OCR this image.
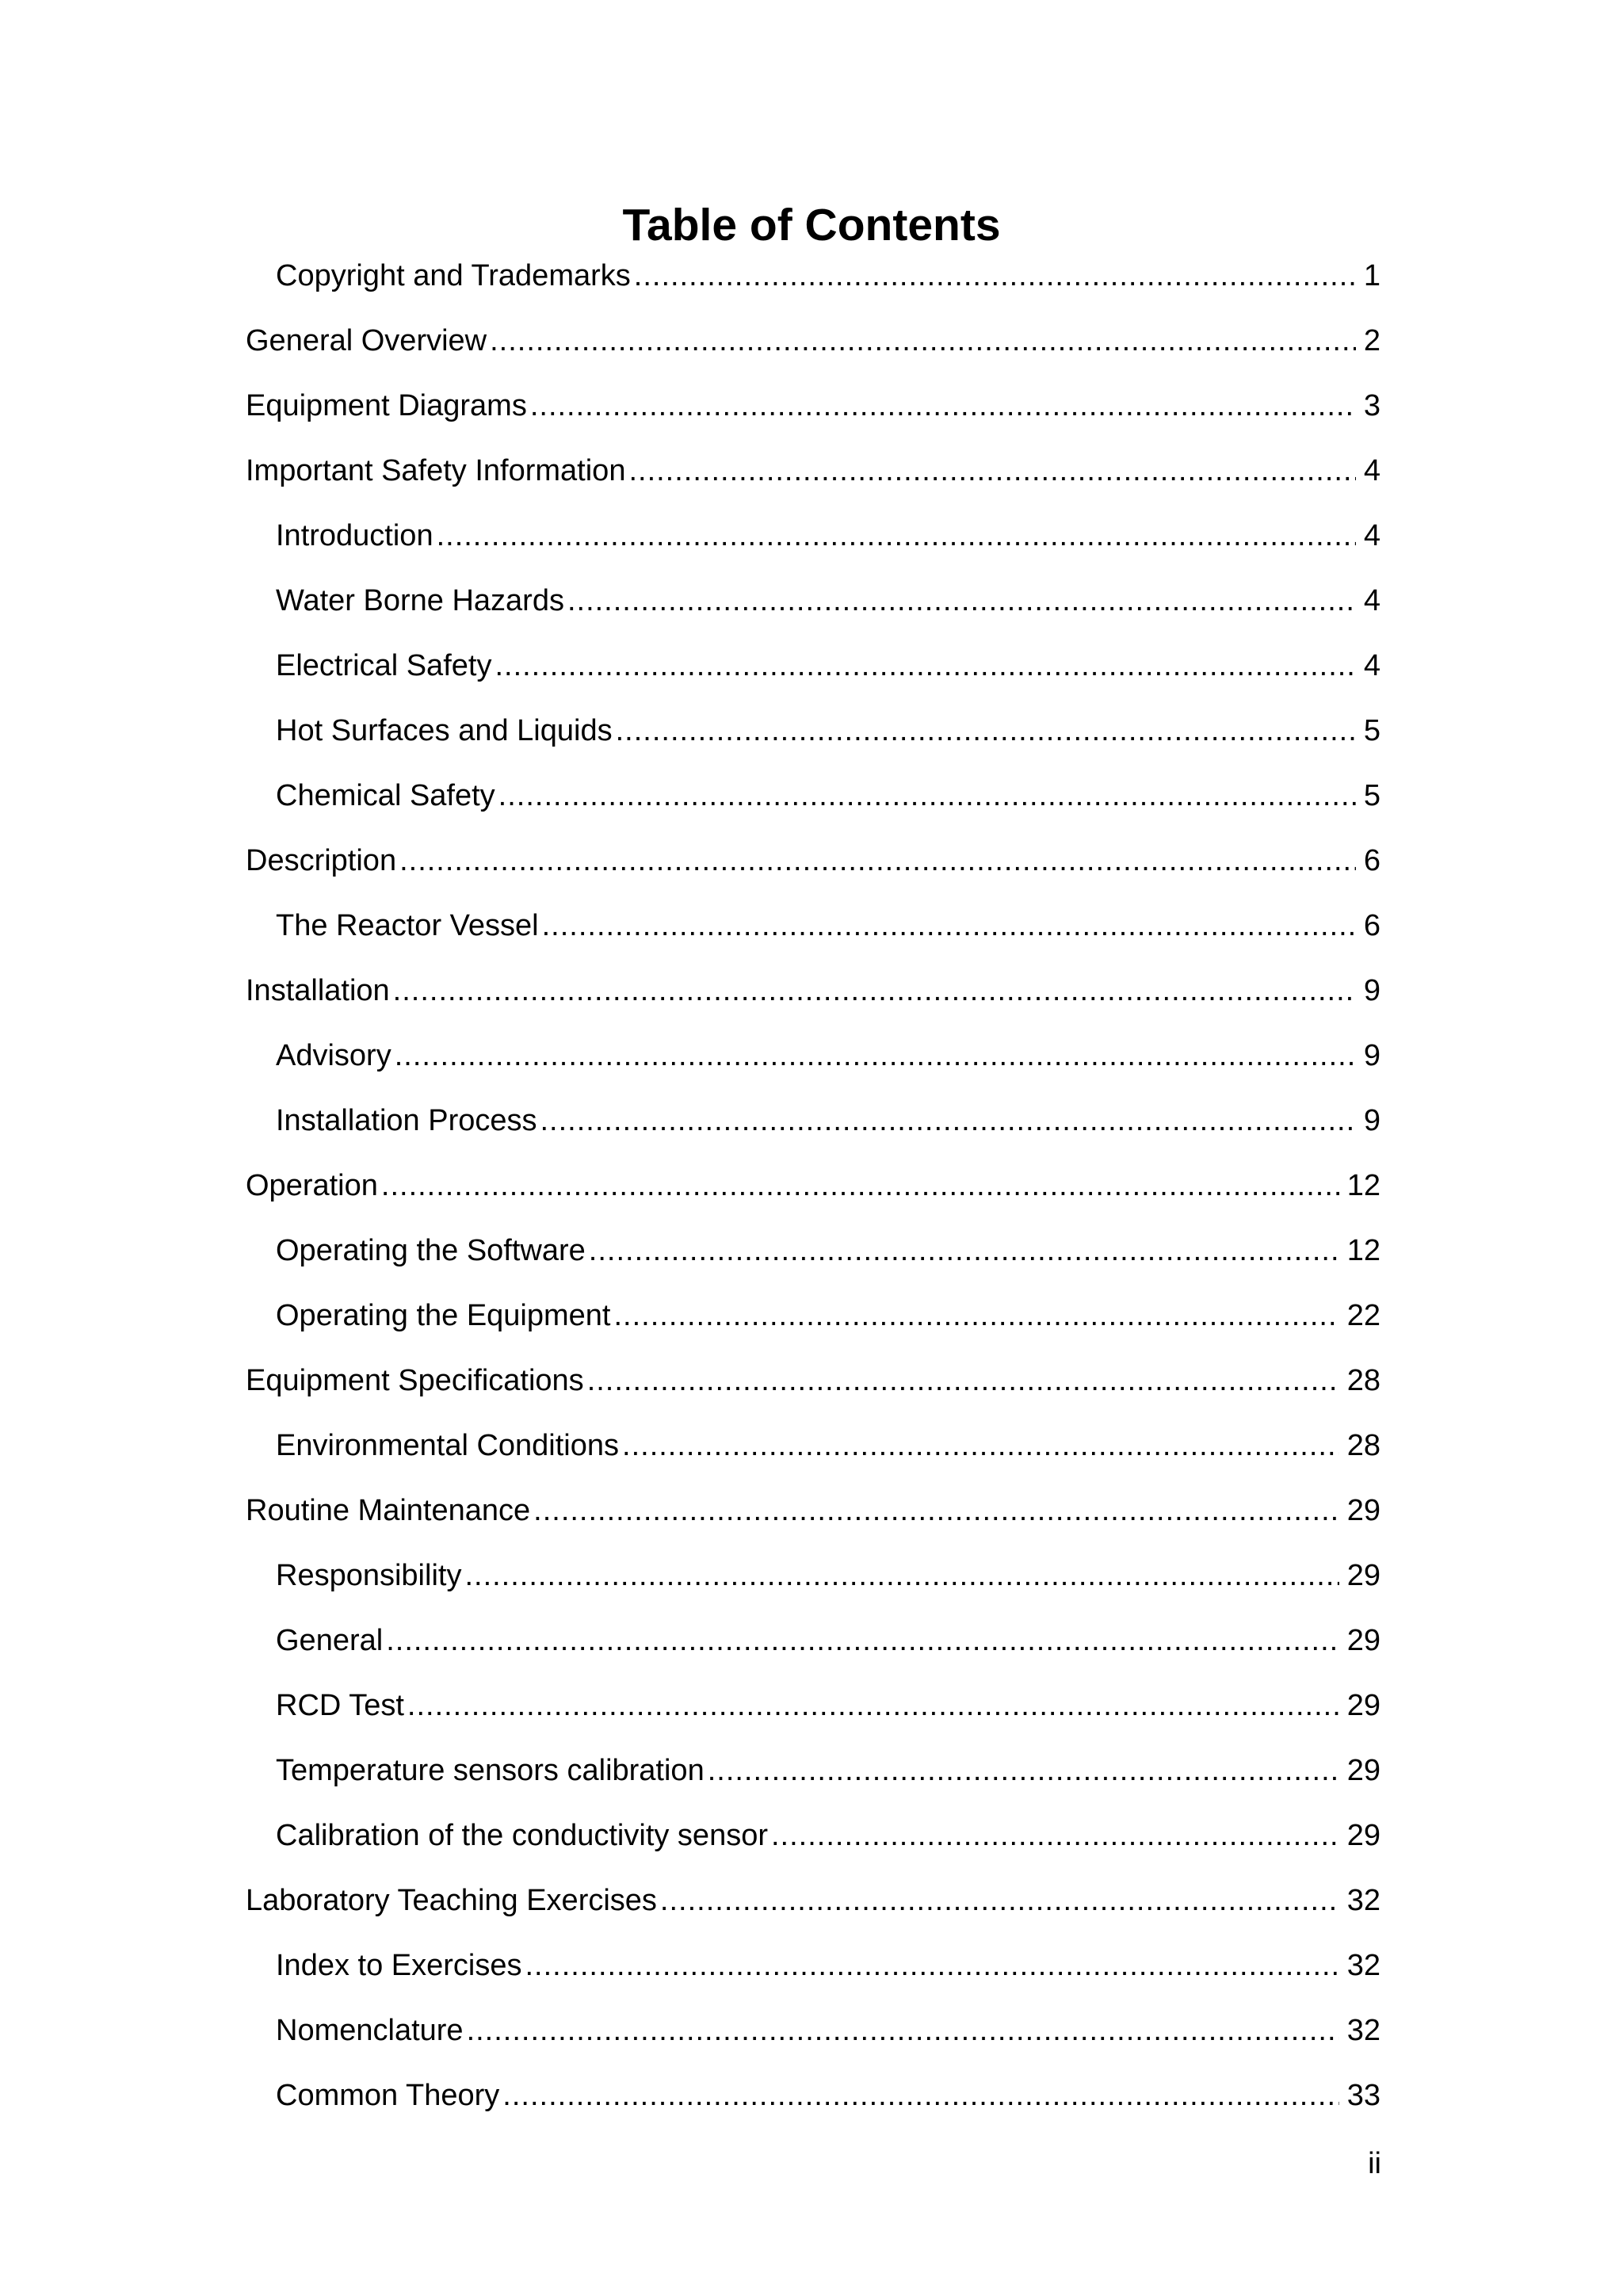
Table of Contents
Copyright and Trademarks .....	1
General Overview .....	2
Equipment Diagrams .....	3
Important Safety Information .....	4
Introduction .....	4
Water Borne Hazards .....	4
Electrical Safety .....	4
Hot Surfaces and Liquids .....	5
Chemical Safety .....	5
Description .....	6
The Reactor Vessel .....	6
Installation .....	9
Advisory .....	9
Installation Process .....	9
Operation .....	12
Operating the Software .....	12
Operating the Equipment .....	22
Equipment Specifications .....	28
Environmental Conditions .....	28
Routine Maintenance .....	29
Responsibility .....	29
General .....	29
RCD Test .....	29
Temperature sensors calibration .....	29
Calibration of the conductivity sensor .....	29
Laboratory Teaching Exercises .....	32
Index to Exercises .....	32
Nomenclature .....	32
Common Theory .....	33

ii
